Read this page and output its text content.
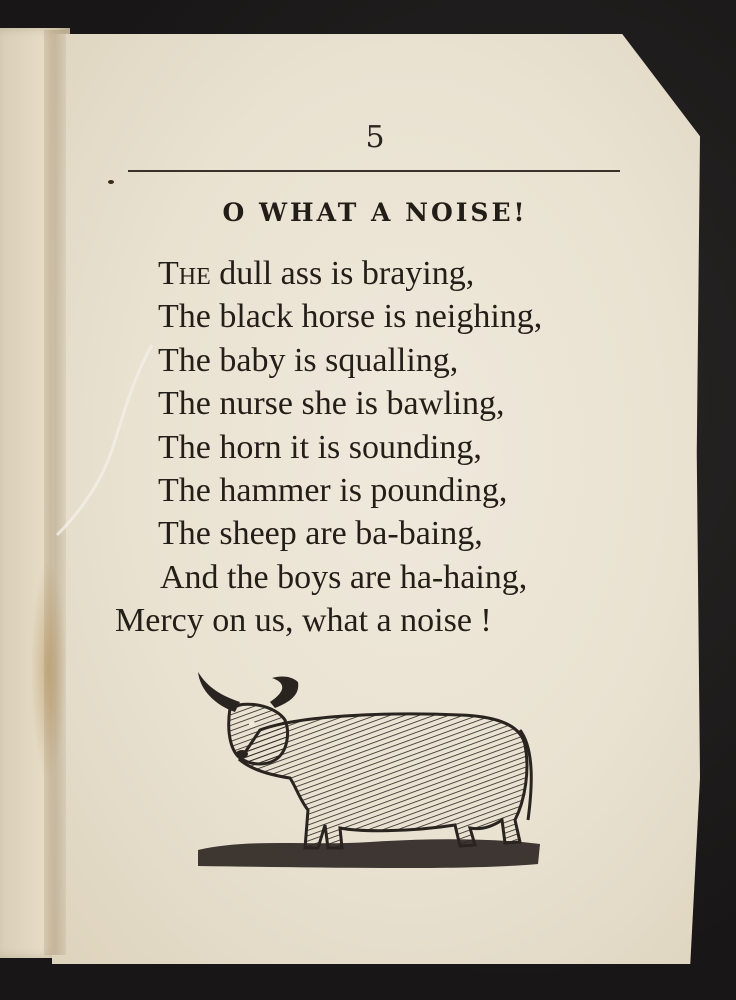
5
O WHAT A NOISE!
The dull ass is braying,
The black horse is neighing,
The baby is squalling,
The nurse she is bawling,
The horn it is sounding,
The hammer is pounding,
The sheep are ba-baing,
And the boys are ha-haing,
Mercy on us, what a noise !
